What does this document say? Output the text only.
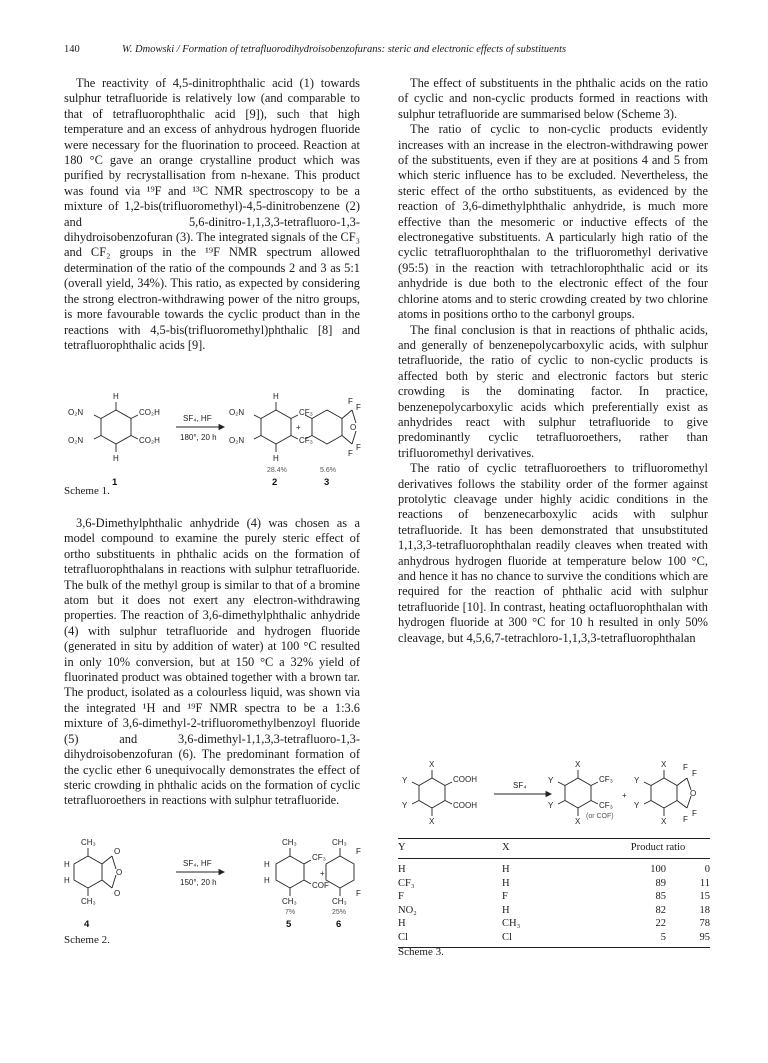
140	W. Dmowski / Formation of tetrafluorodihydroisobenzofurans: steric and electronic effects of substituents

The reactivity of 4,5-dinitrophthalic acid (1) towards sulphur tetrafluoride is relatively low (and comparable to that of tetrafluorophthalic acid [9]), such that high temperature and an excess of anhydrous hydrogen fluoride were necessary for the fluorination to proceed. Reaction at 180 °C gave an orange crystalline product which was purified by recrystallisation from n-hexane. This product was found via ¹⁹F and ¹³C NMR spectroscopy to be a mixture of 1,2-bis(trifluoromethyl)-4,5-dinitrobenzene (2) and 5,6-dinitro-1,1,3,3-tetrafluoro-1,3-dihydroisobenzofuran (3). The integrated signals of the CF₃ and CF₂ groups in the ¹⁹F NMR spectrum allowed determination of the ratio of the compounds 2 and 3 as 5:1 (overall yield, 34%). This ratio, as expected by considering the strong electron-withdrawing power of the nitro groups, is more favourable towards the cyclic product than in the reactions with 4,5-bis(trifluoromethyl)phthalic [8] and tetrafluorophthalic acids [9].

H
H
O₂N
O₂N
CO₂H
CO₂H
SF₄, HF
180°, 20 h
H
H
O₂N
O₂N
CF₃
CF₃
+	O
F
F
F
F
28.4%	5.6%
1	2	3
Scheme 1.

3,6-Dimethylphthalic anhydride (4) was chosen as a model compound to examine the purely steric effect of ortho substituents in phthalic acids on the formation of tetrafluorophthalans in reactions with sulphur tetrafluoride. The bulk of the methyl group is similar to that of a bromine atom but it does not exert any electron-withdrawing properties. The reaction of 3,6-dimethylphthalic anhydride (4) with sulphur tetrafluoride and hydrogen fluoride (generated in situ by addition of water) at 100 °C resulted in only 10% conversion, but at 150 °C a 32% yield of fluorinated product was obtained together with a brown tar. The product, isolated as a colourless liquid, was shown via the integrated ¹H and ¹⁹F NMR spectra to be a 1:3.6 mixture of 3,6-dimethyl-2-trifluoromethylbenzoyl fluoride (5) and 3,6-dimethyl-1,1,3,3-tetrafluoro-1,3-dihydroisobenzofuran (6). The predominant formation of the cyclic ether 6 unequivocally demonstrates the effect of steric crowding in phthalic acids on the formation of cyclic tetrafluoroethers in reactions with sulphur tetrafluoride.

CH₃
CH₃
H
H
O
O
O
SF₄, HF
150°, 20 h
CH₃
CH₃
H
H
CF₃
COF
+
CH₃
CH₃
F
F
7%	25%
4	5	6
Scheme 2.

The effect of substituents in the phthalic acids on the ratio of cyclic and non-cyclic products formed in reactions with sulphur tetrafluoride are summarised below (Scheme 3).

The ratio of cyclic to non-cyclic products evidently increases with an increase in the electron-withdrawing power of the substituents, even if they are at positions 4 and 5 from which steric influence has to be excluded. Nevertheless, the steric effect of the ortho substituents, as evidenced by the reaction of 3,6-dimethylphthalic anhydride, is much more effective than the mesomeric or inductive effects of the electronegative substituents. A particularly high ratio of the cyclic tetrafluorophthalan to the trifluoromethyl derivative (95:5) in the reaction with tetrachlorophthalic acid or its anhydride is due both to the electronic effect of the four chlorine atoms and to steric crowding created by two chlorine atoms in positions ortho to the carbonyl groups.

The final conclusion is that in reactions of phthalic acids, and generally of benzenepolycarboxylic acids, with sulphur tetrafluoride, the ratio of cyclic to non-cyclic products is affected both by steric and electronic factors but steric crowding is the dominating factor. In practice, benzenepolycarboxylic acids which preferentially exist as anhydrides react with sulphur tetrafluoride to give predominantly cyclic tetrafluoroethers, rather than trifluoromethyl derivatives.

The ratio of cyclic tetrafluoroethers to trifluoromethyl derivatives follows the stability order of the former against protolytic cleavage under highly acidic conditions in the reactions of benzenecarboxylic acids with sulphur tetrafluoride. It has been demonstrated that unsubstituted 1,1,3,3-tetrafluorophthalan readily cleaves when treated with anhydrous hydrogen fluoride at temperature below 100 °C, and hence it has no chance to survive the conditions which are required for the reaction of phthalic acid with sulphur tetrafluoride [10]. In contrast, heating octafluorophthalan with hydrogen fluoride at 300 °C for 10 h resulted in only 50% cleavage, but 4,5,6,7-tetrachloro-1,1,3,3-tetrafluorophthalan

X
X
Y
Y
COOH
COOH
SF₄
X
X
Y
Y
CF₃
CF₃
(or COF)
+
X
X
Y
Y
O
F
F
F
F
Y	X	Product ratio	
H	H	100	0
CF₃	H	89	11
F	F	85	15
NO₂	H	82	18
H	CH₃	22	78
Cl	Cl	5	95
Scheme 3.
